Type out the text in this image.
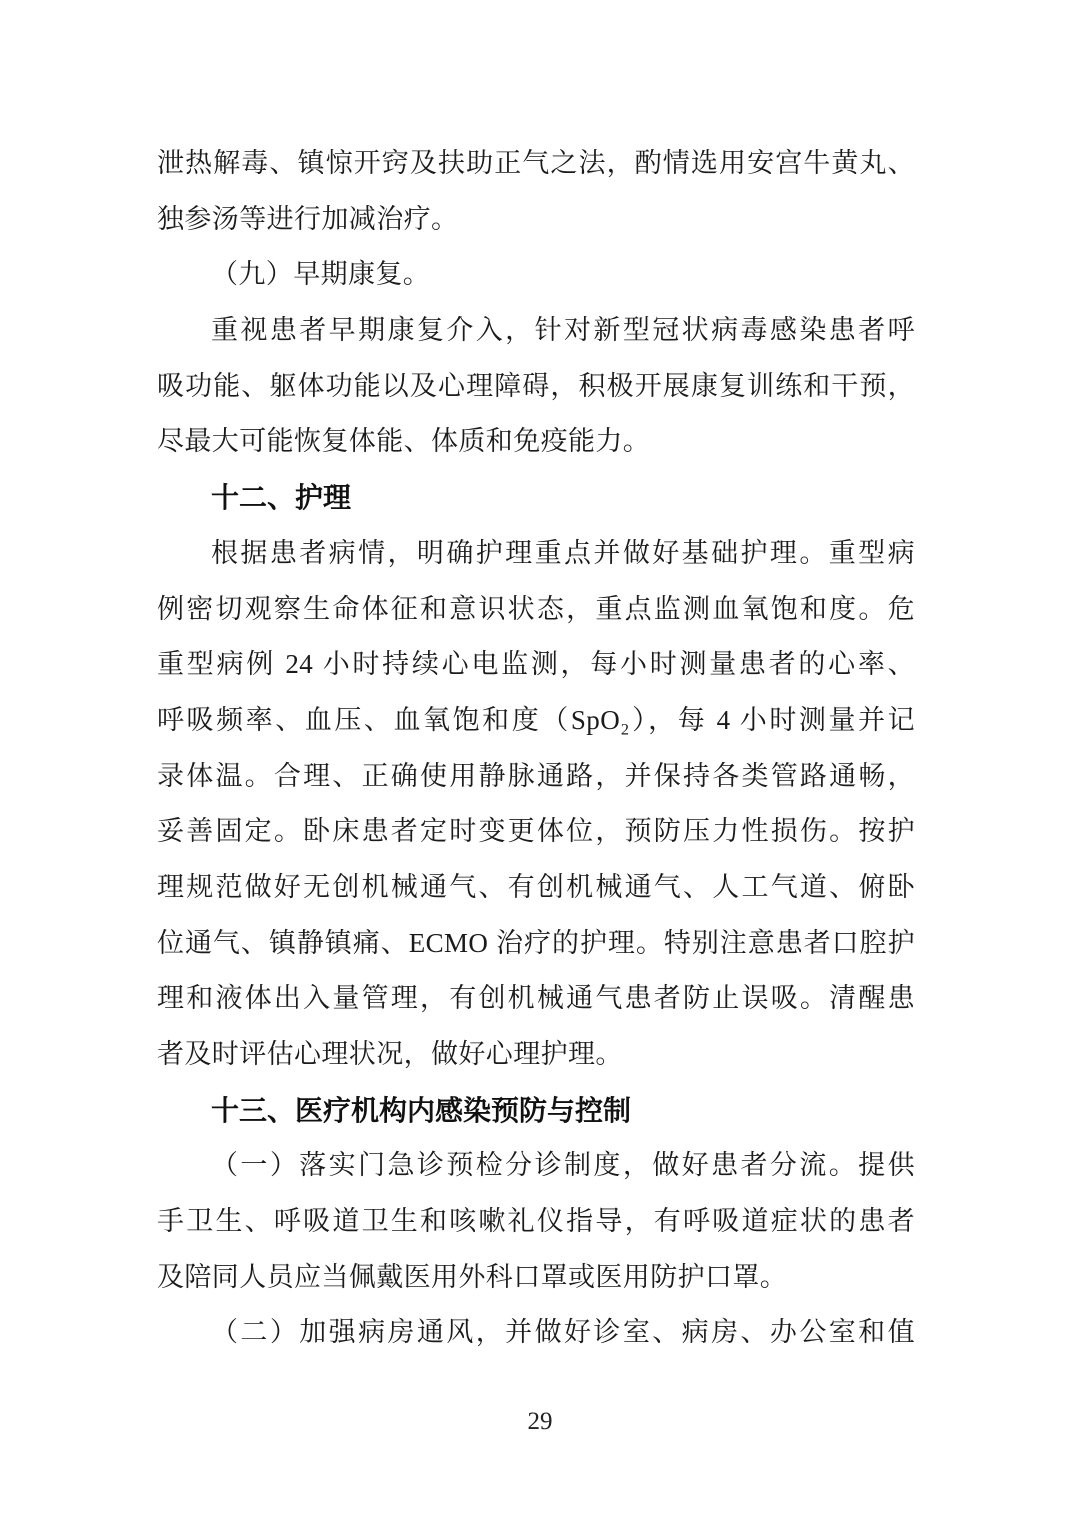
泄热解毒、镇惊开窍及扶助正气之法，酌情选用安宫牛黄丸、
独参汤等进行加减治疗。
（九）早期康复。
重视患者早期康复介入，针对新型冠状病毒感染患者呼
吸功能、躯体功能以及心理障碍，积极开展康复训练和干预，
尽最大可能恢复体能、体质和免疫能力。
十二、护理
根据患者病情，明确护理重点并做好基础护理。重型病
例密切观察生命体征和意识状态，重点监测血氧饱和度。危
重型病例 24 小时持续心电监测，每小时测量患者的心率、
呼吸频率、血压、血氧饱和度（SpO₂），每 4 小时测量并记
录体温。合理、正确使用静脉通路，并保持各类管路通畅，
妥善固定。卧床患者定时变更体位，预防压力性损伤。按护
理规范做好无创机械通气、有创机械通气、人工气道、俯卧
位通气、镇静镇痛、ECMO 治疗的护理。特别注意患者口腔护
理和液体出入量管理，有创机械通气患者防止误吸。清醒患
者及时评估心理状况，做好心理护理。
十三、医疗机构内感染预防与控制
（一）落实门急诊预检分诊制度，做好患者分流。提供
手卫生、呼吸道卫生和咳嗽礼仪指导，有呼吸道症状的患者
及陪同人员应当佩戴医用外科口罩或医用防护口罩。
（二）加强病房通风，并做好诊室、病房、办公室和值
29
